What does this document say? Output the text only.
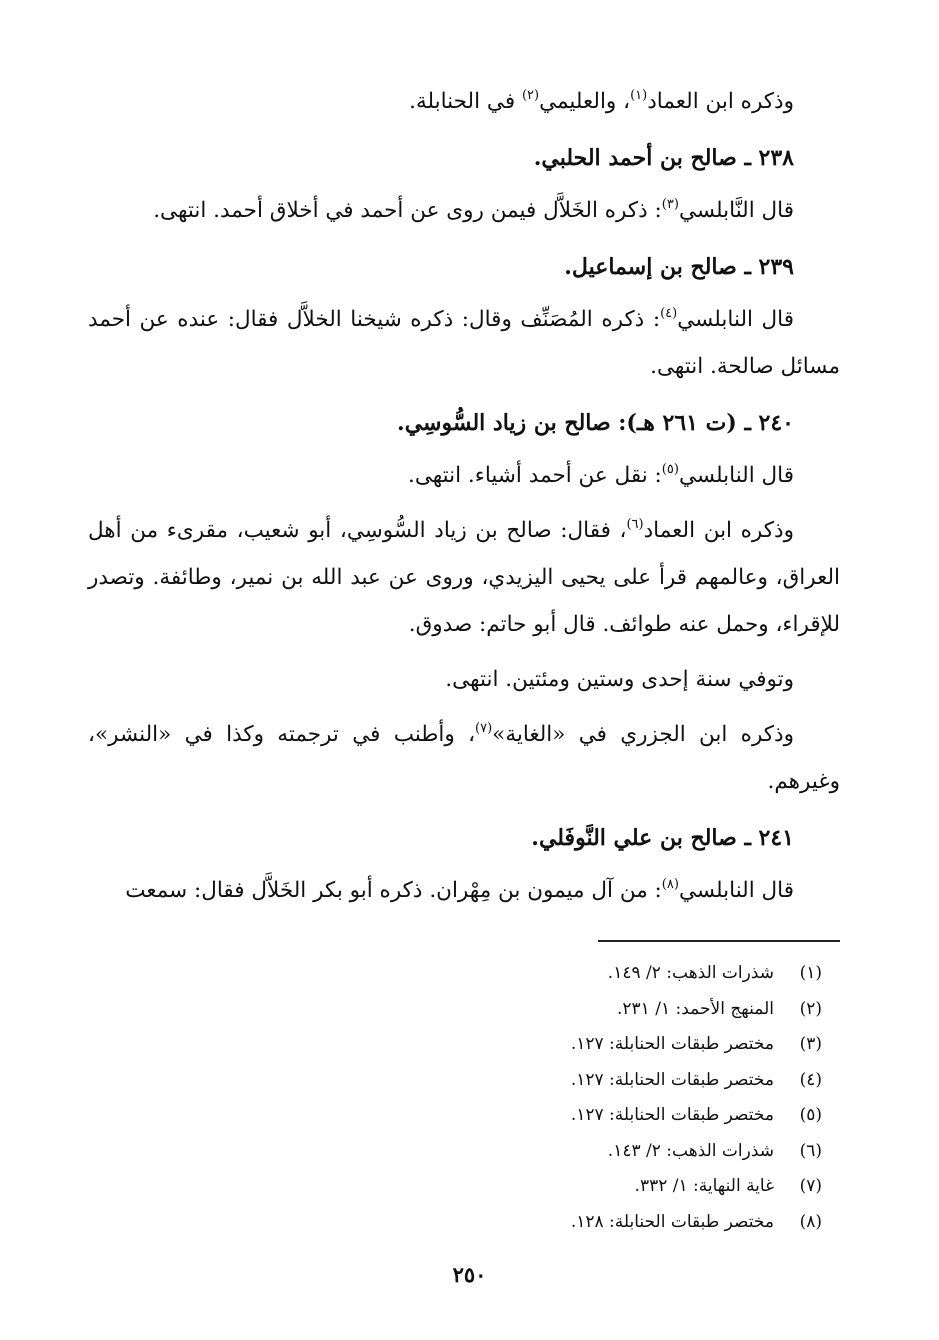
وذكره ابن العماد$^{(١)}$، والعليمي$^{(٢)}$ في الحنابلة.

٢٣٨ ـ صالح بن أحمد الحلبي.

قال النَّابلسي$^{(٣)}$: ذكره الخَلاَّل فيمن روى عن أحمد في أخلاق أحمد. انتهى.

٢٣٩ ـ صالح بن إسماعيل.

قال النابلسي$^{(٤)}$: ذكره المُصَنِّف وقال: ذكره شيخنا الخلاَّل فقال: عنده عن أحمد مسائل صالحة. انتهى.

٢٤٠ ـ (ت ٢٦١ هـ): صالح بن زياد السُّوسِي.

قال النابلسي$^{(٥)}$: نقل عن أحمد أشياء. انتهى.

وذكره ابن العماد$^{(٦)}$، فقال: صالح بن زياد السُّوسِي، أبو شعيب، مقرىء من أهل العراق، وعالمهم قرأ على يحيى اليزيدي، وروى عن عبد الله بن نمير، وطائفة. وتصدر للإقراء، وحمل عنه طوائف. قال أبو حاتم: صدوق.

وتوفي سنة إحدى وستين ومئتين. انتهى.

وذكره ابن الجزري في «الغاية»$^{(٧)}$، وأطنب في ترجمته وكذا في «النشر»، وغيرهم.

٢٤١ ـ صالح بن علي النَّوفَلي.

قال النابلسي$^{(٨)}$: من آل ميمون بن مِهْران. ذكره أبو بكر الخَلاَّل فقال: سمعت

(١)شذرات الذهب: ٢/ ١٤٩.
(٢)المنهج الأحمد: ١/ ٢٣١.
(٣)مختصر طبقات الحنابلة: ١٢٧.
(٤)مختصر طبقات الحنابلة: ١٢٧.
(٥)مختصر طبقات الحنابلة: ١٢٧.
(٦)شذرات الذهب: ٢/ ١٤٣.
(٧)غاية النهاية: ١/ ٣٣٢.
(٨)مختصر طبقات الحنابلة: ١٢٨.
٢٥٠
